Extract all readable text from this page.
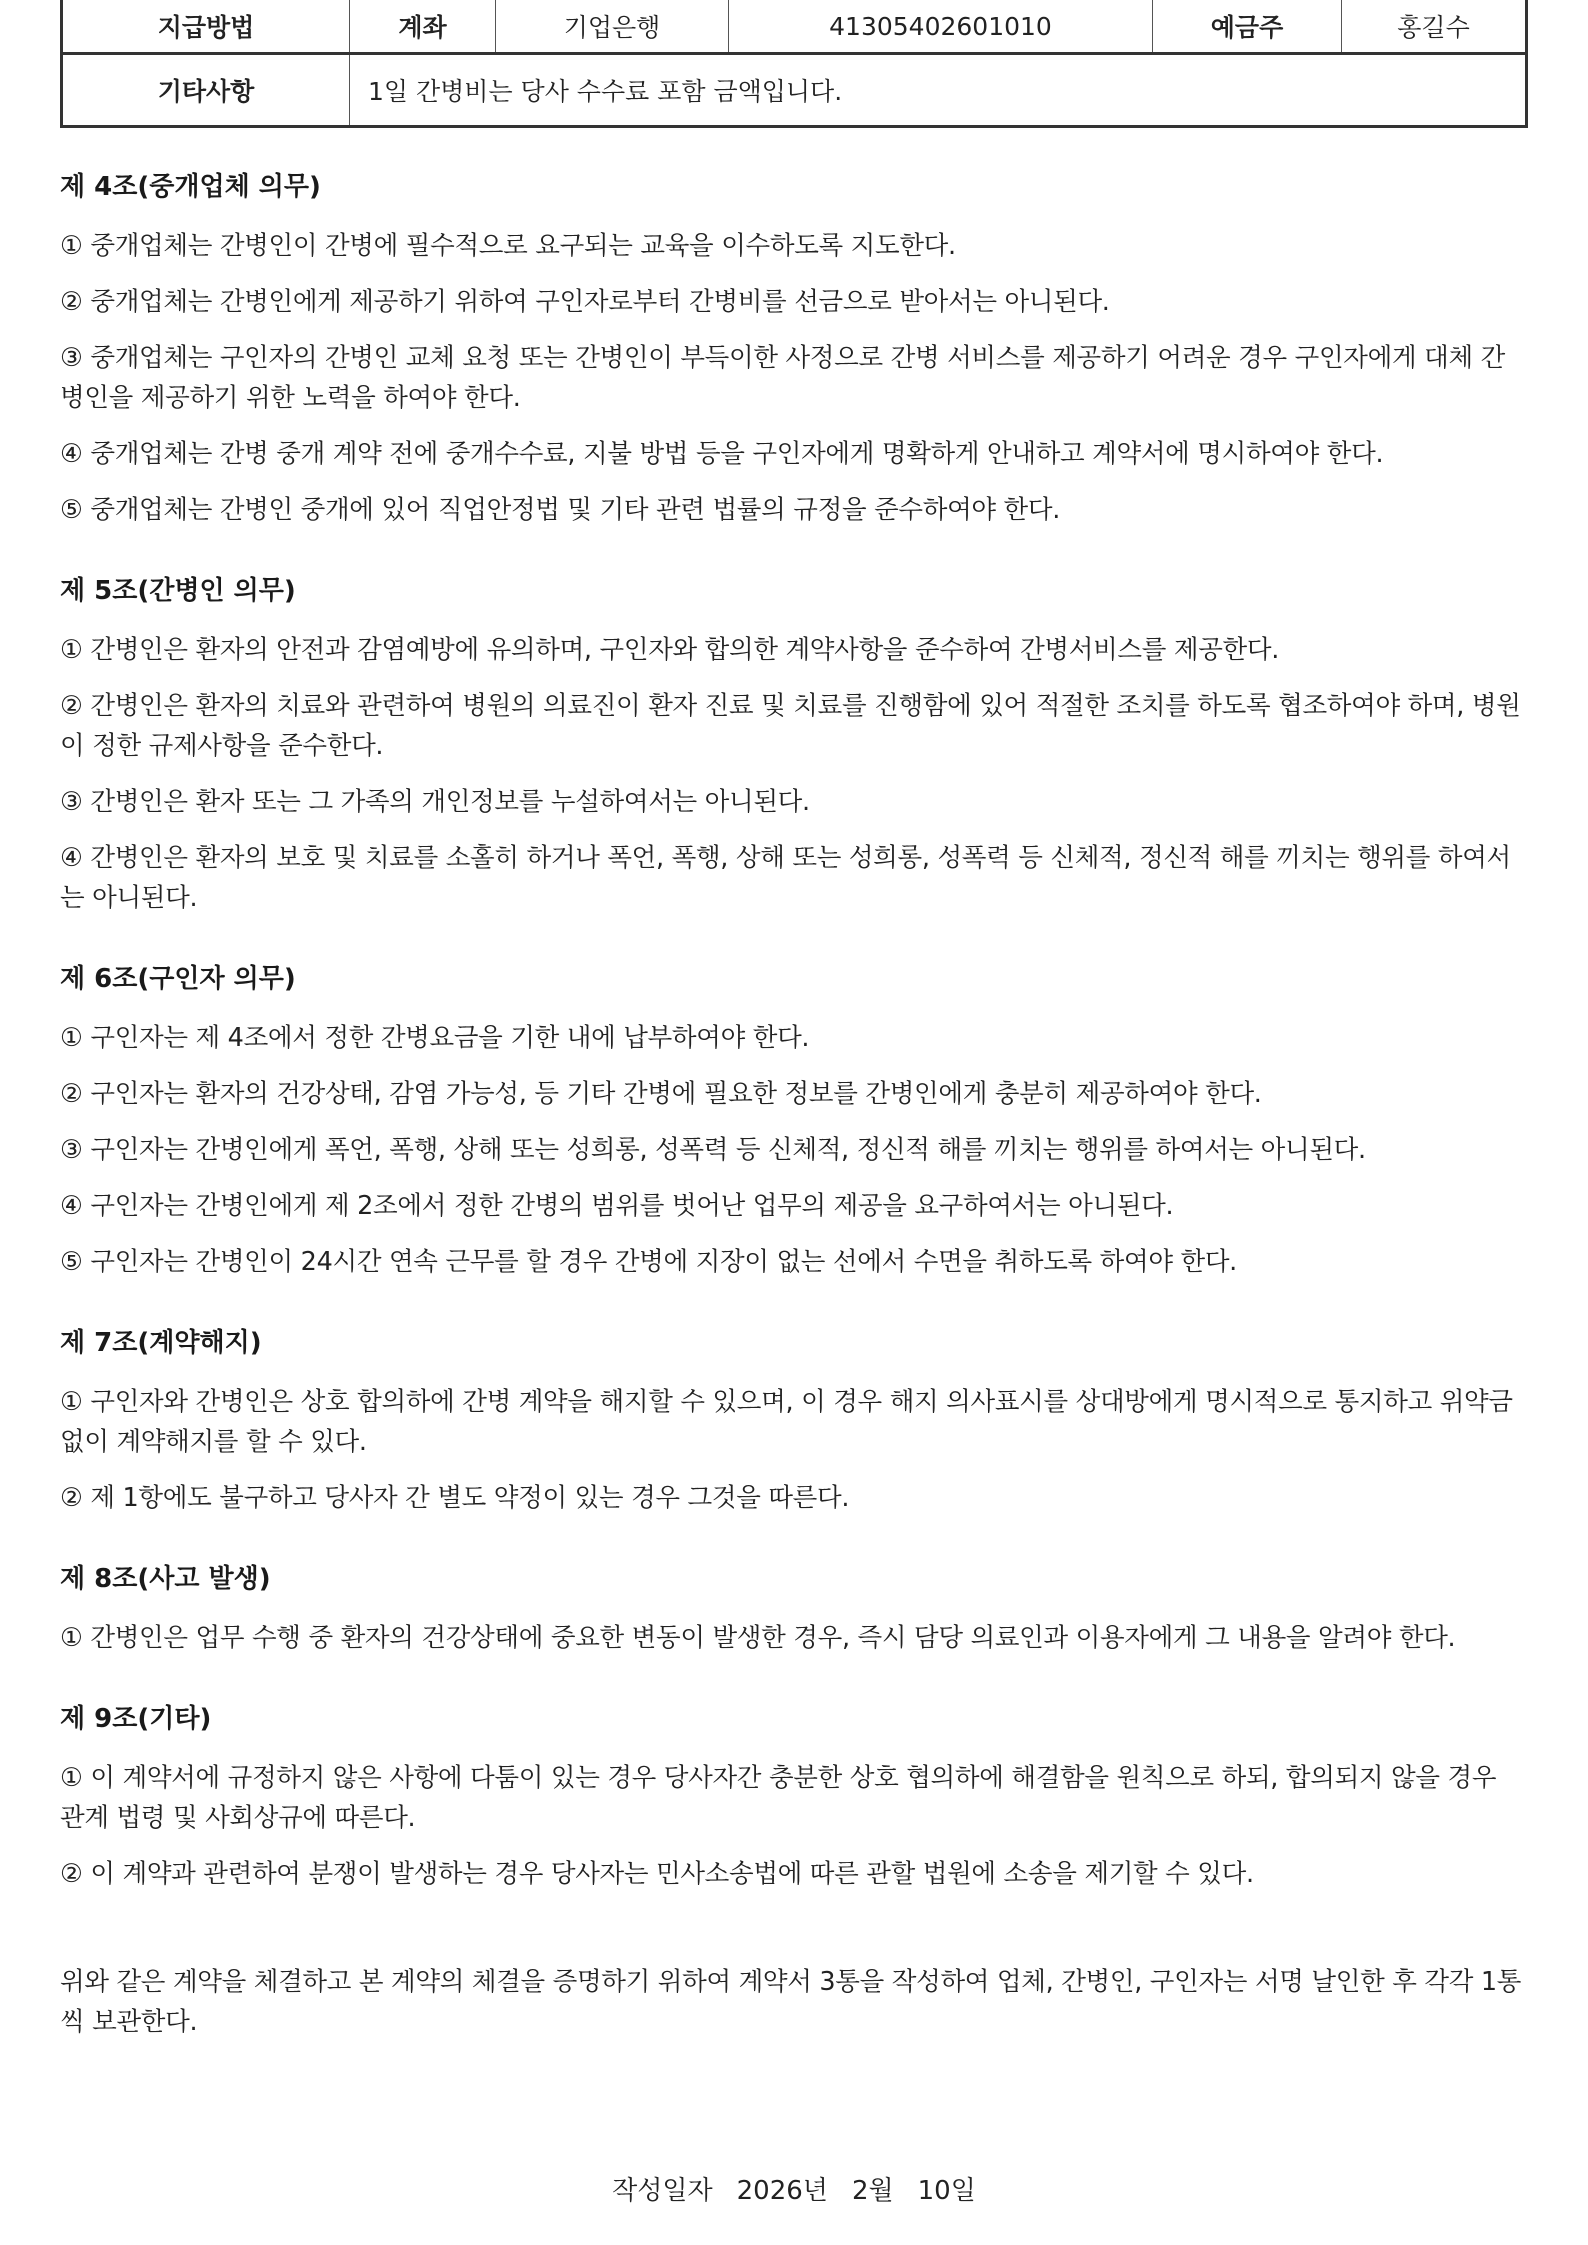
지급방법	계좌	기업은행	41305402601010	예금주	홍길수
기타사항	1일 간병비는 당사 수수료 포함 금액입니다.				
제 4조(중개업체 의무)

① 중개업체는 간병인이 간병에 필수적으로 요구되는 교육을 이수하도록 지도한다.

② 중개업체는 간병인에게 제공하기 위하여 구인자로부터 간병비를 선금으로 받아서는 아니된다.

③ 중개업체는 구인자의 간병인 교체 요청 또는 간병인이 부득이한 사정으로 간병 서비스를 제공하기 어려운 경우 구인자에게 대체 간병인을 제공하기 위한 노력을 하여야 한다.

④ 중개업체는 간병 중개 계약 전에 중개수수료, 지불 방법 등을 구인자에게 명확하게 안내하고 계약서에 명시하여야 한다.

⑤ 중개업체는 간병인 중개에 있어 직업안정법 및 기타 관련 법률의 규정을 준수하여야 한다.

제 5조(간병인 의무)

① 간병인은 환자의 안전과 감염예방에 유의하며, 구인자와 합의한 계약사항을 준수하여 간병서비스를 제공한다.

② 간병인은 환자의 치료와 관련하여 병원의 의료진이 환자 진료 및 치료를 진행함에 있어 적절한 조치를 하도록 협조하여야 하며, 병원이 정한 규제사항을 준수한다.

③ 간병인은 환자 또는 그 가족의 개인정보를 누설하여서는 아니된다.

④ 간병인은 환자의 보호 및 치료를 소홀히 하거나 폭언, 폭행, 상해 또는 성희롱, 성폭력 등 신체적, 정신적 해를 끼치는 행위를 하여서는 아니된다.

제 6조(구인자 의무)

① 구인자는 제 4조에서 정한 간병요금을 기한 내에 납부하여야 한다.

② 구인자는 환자의 건강상태, 감염 가능성, 등 기타 간병에 필요한 정보를 간병인에게 충분히 제공하여야 한다.

③ 구인자는 간병인에게 폭언, 폭행, 상해 또는 성희롱, 성폭력 등 신체적, 정신적 해를 끼치는 행위를 하여서는 아니된다.

④ 구인자는 간병인에게 제 2조에서 정한 간병의 범위를 벗어난 업무의 제공을 요구하여서는 아니된다.

⑤ 구인자는 간병인이 24시간 연속 근무를 할 경우 간병에 지장이 없는 선에서 수면을 취하도록 하여야 한다.

제 7조(계약해지)

① 구인자와 간병인은 상호 합의하에 간병 계약을 해지할 수 있으며, 이 경우 해지 의사표시를 상대방에게 명시적으로 통지하고 위약금 없이 계약해지를 할 수 있다.

② 제 1항에도 불구하고 당사자 간 별도 약정이 있는 경우 그것을 따른다.

제 8조(사고 발생)

① 간병인은 업무 수행 중 환자의 건강상태에 중요한 변동이 발생한 경우, 즉시 담당 의료인과 이용자에게 그 내용을 알려야 한다.

제 9조(기타)

① 이 계약서에 규정하지 않은 사항에 다툼이 있는 경우 당사자간 충분한 상호 협의하에 해결함을 원칙으로 하되, 합의되지 않을 경우 관계 법령 및 사회상규에 따른다.

② 이 계약과 관련하여 분쟁이 발생하는 경우 당사자는 민사소송법에 따른 관할 법원에 소송을 제기할 수 있다.

위와 같은 계약을 체결하고 본 계약의 체결을 증명하기 위하여 계약서 3통을 작성하여 업체, 간병인, 구인자는 서명 날인한 후 각각 1통씩 보관한다.
작성일자 2026년 2월 10일
